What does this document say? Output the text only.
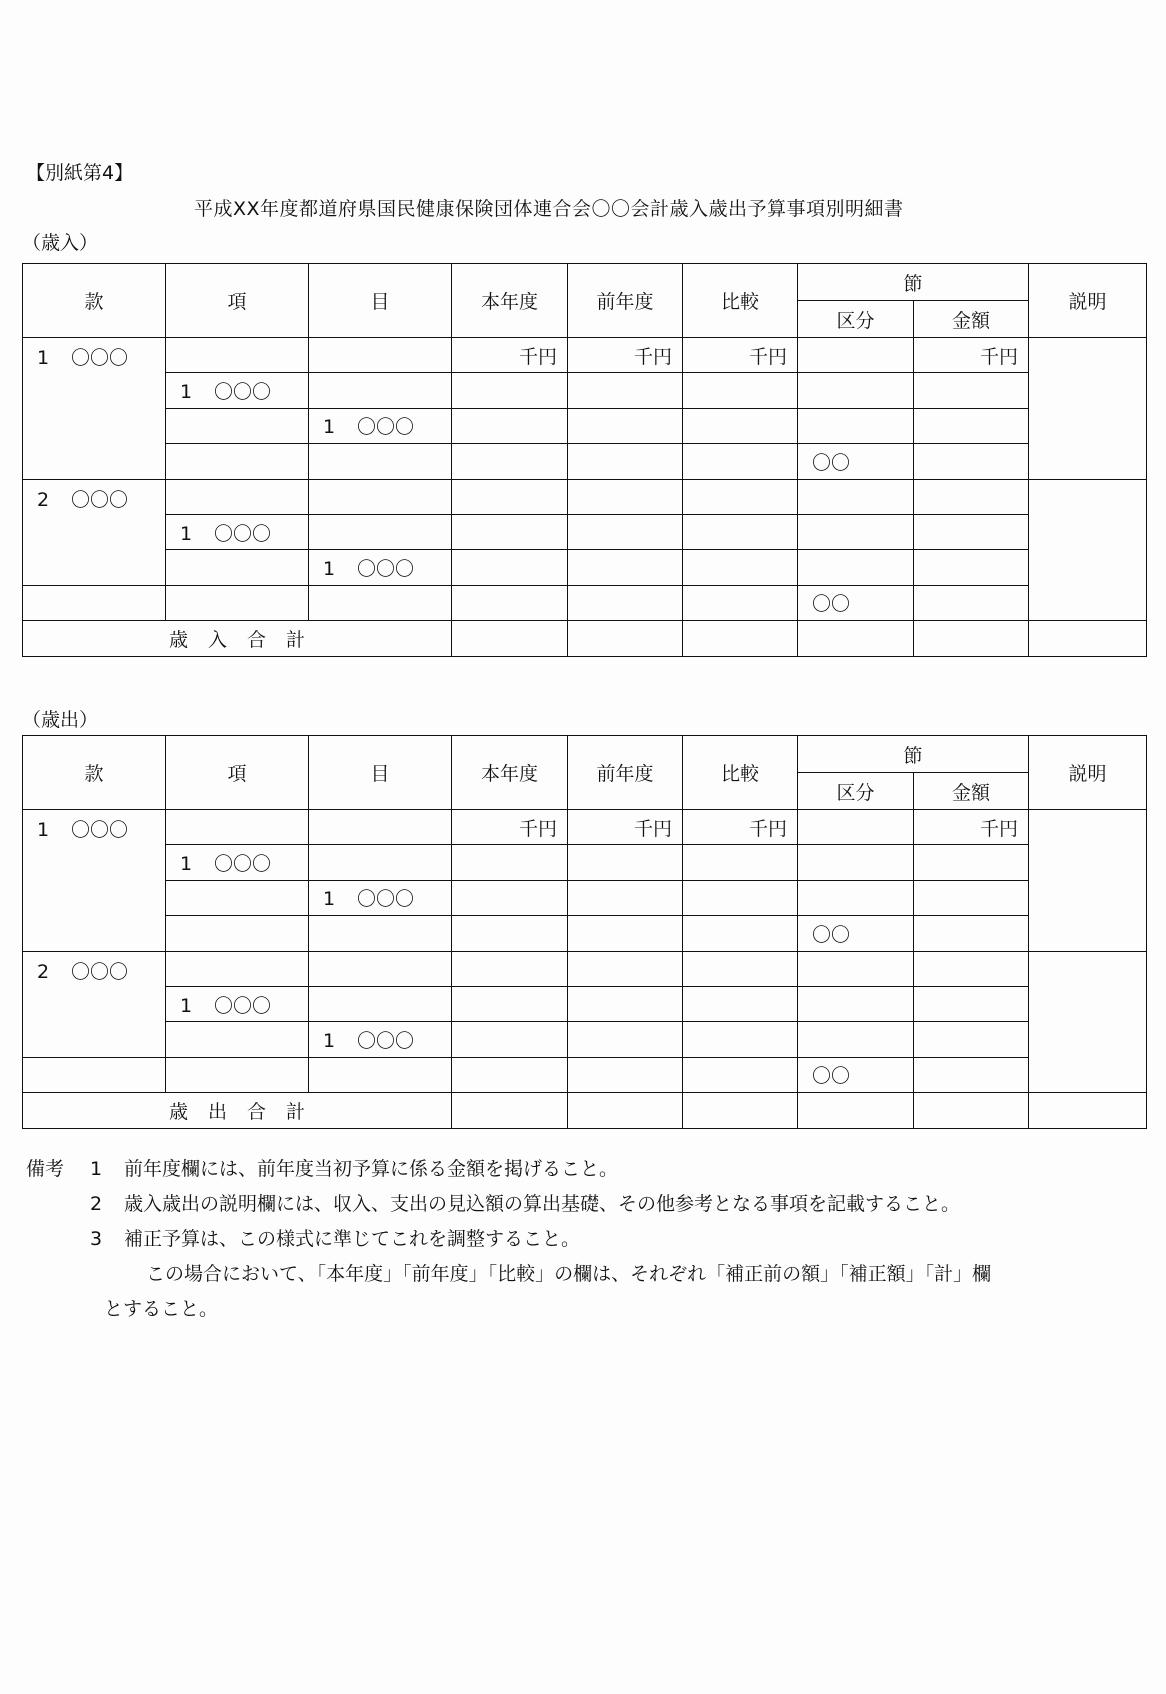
【別紙第4】
平成XX年度都道府県国民健康保険団体連合会〇〇会計歳入歳出予算事項別明細書
（歳入）
款	項	目	本年度	前年度	比較	節		説明
						区分	金額	
1 〇〇〇			千円	千円	千円		千円	
	1 〇〇〇							
		1 〇〇〇						
						〇〇		
2 〇〇〇								
	1 〇〇〇							
		1 〇〇〇						
						〇〇		
歳 入 合 計								
（歳出）
款	項	目	本年度	前年度	比較	節		説明
						区分	金額	
1 〇〇〇			千円	千円	千円		千円	
	1 〇〇〇							
		1 〇〇〇						
						〇〇		
2 〇〇〇								
	1 〇〇〇							
		1 〇〇〇						
						〇〇		
歳 出 合 計								
備考 1 前年度欄には、前年度当初予算に係る金額を掲げること。
2 歳入歳出の説明欄には、収入、支出の見込額の算出基礎、その他参考となる事項を記載すること。
3 補正予算は、この様式に準じてこれを調整すること。
この場合において、「本年度」「前年度」「比較」の欄は、それぞれ「補正前の額」「補正額」「計」欄
とすること。
